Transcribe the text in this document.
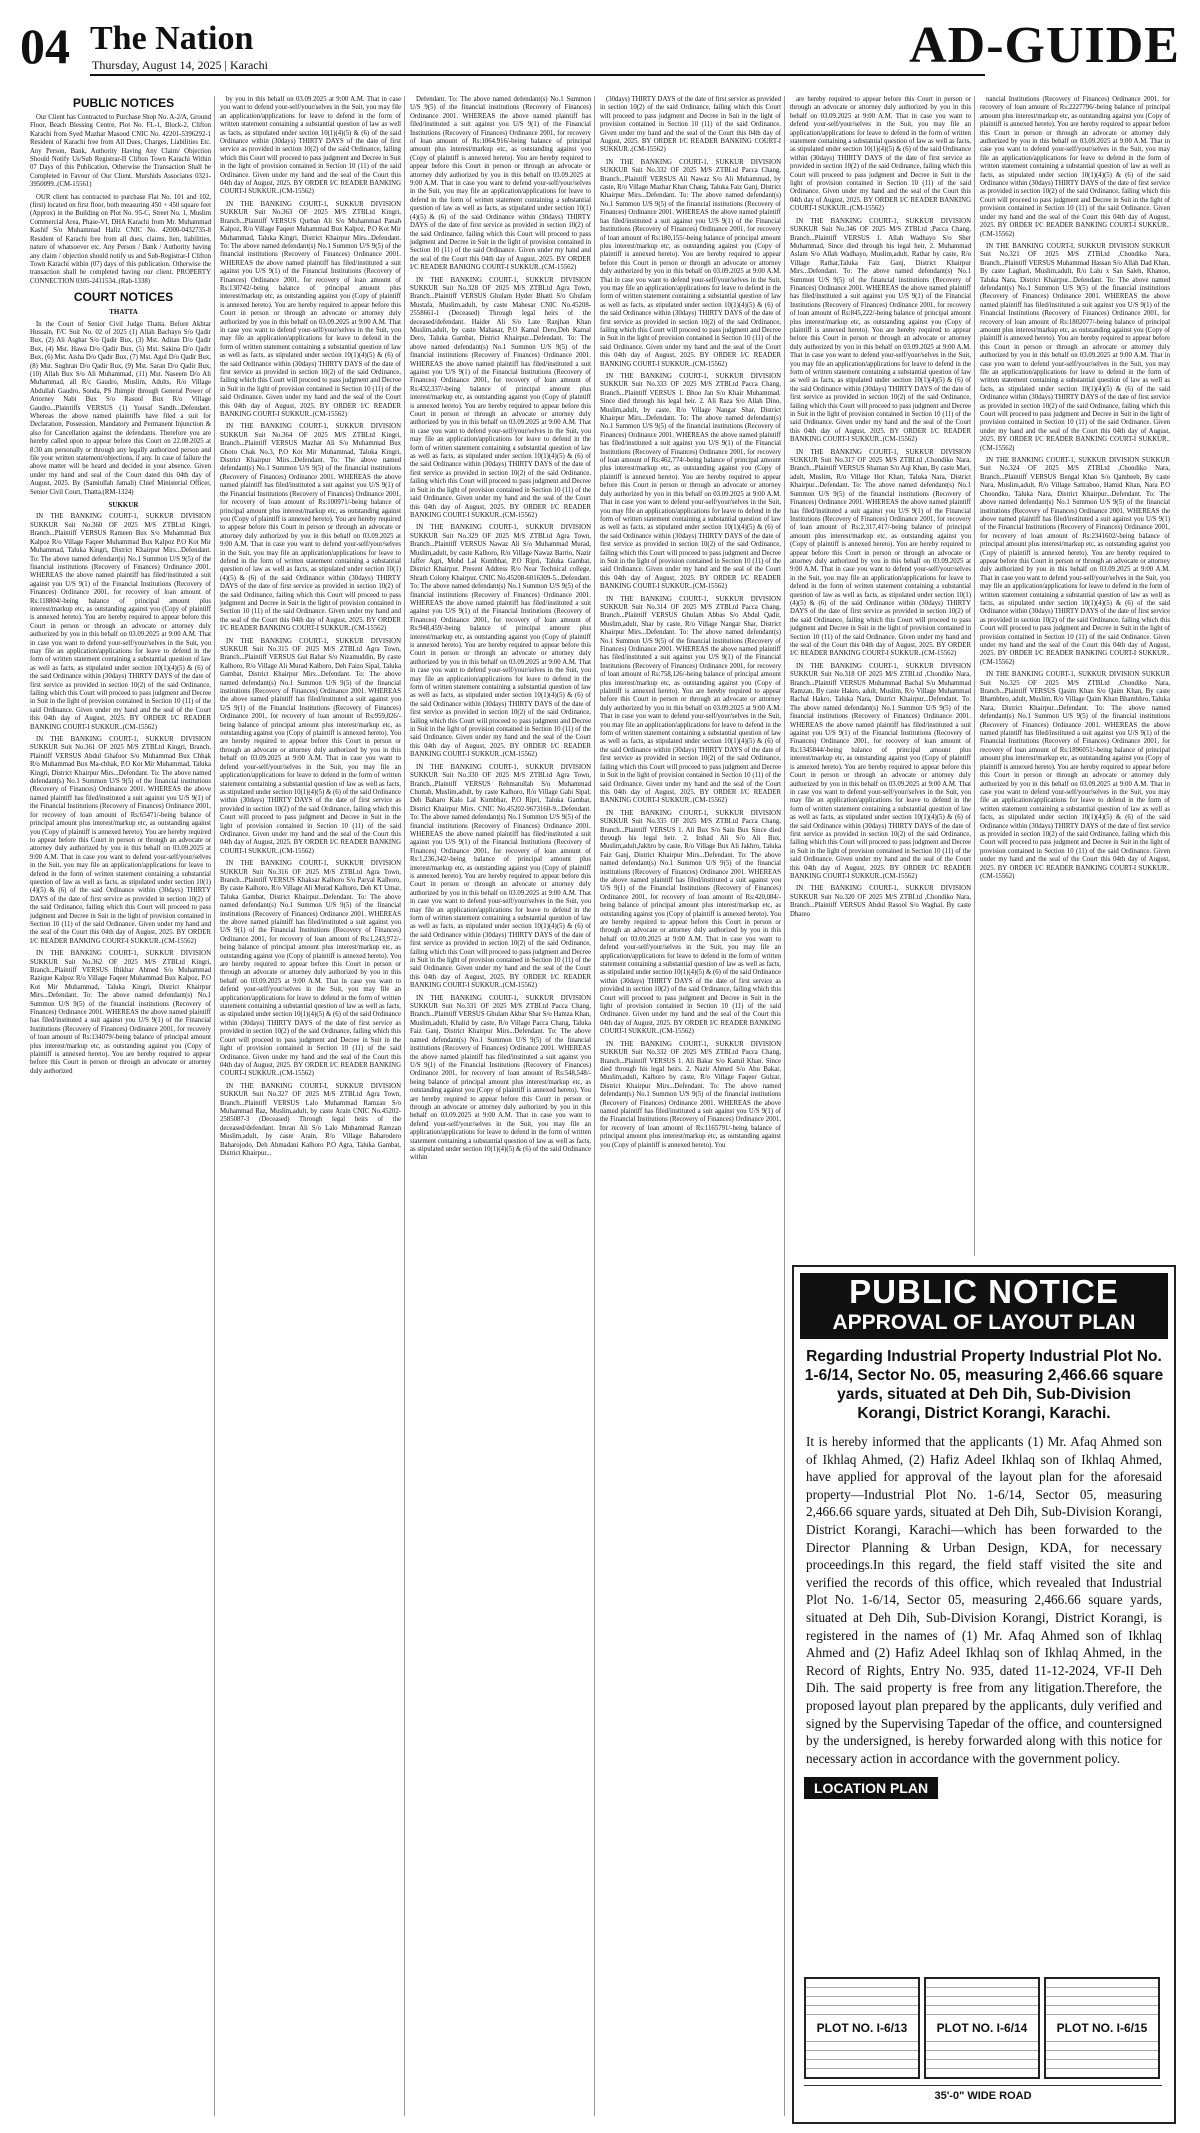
04 The Nation
Thursday, August 14, 2025 | Karachi	AD-GUIDE

PUBLIC NOTICES

Our Client has Contracted to Purchase Shop No. A-2/A, Ground Floor, Beach Blessing Centre, Plot No. FL-1, Block-2, Clifton Karachi from Syed Mazhar Masood CNIC No. 42201-5396292-1 Resident of Karachi free from All Dues, Charges, Liabilities Etc. Any Person, Bank, Authority Having Any Claim/ Objection Should Notify Us/Sub Registrar-II Clifton Town Karachi Within 07 Days of this Publication, Otherwise the Transaction Shall be Completed in Favour of Our Client. Murshids Associates 0321-3950099..(CM-15561)

OUR client has contracted to purchase Flat No. 101 and 102, (first) located on first floor, both measuring 450 + 450 square feet (Approx) in the Building on Plot No. 95-C, Street No. 1, Muslim Commercial Area, Phase-VI, DHA Karachi from Mr. Muhammad Kashif S/o Muhammad Hafiz CNIC No. 42000-0432735-8 Resident of Karachi free from all dues, claims, lien, liabilities, nature of whatsoever etc. Any Person / Bank / Authority having any claim / objection should notify us and Sub-Registrar-I Clifton Town Karachi within (07) days of this publication. Otherwise the transaction shall be completed having our client. PROPERTY CONNECTION 0305-2411534..(Rab-1338)

COURT NOTICES

THATTA

In the Court of Senior Civil Judge Thatta. Before Akhtar Hussain, F/C Suit No. 02 of 2025 (1) Allah Bachayo S/o Qadir Bux, (2) Ali Asghar S/o Qadir Bux, (3) Mst. Aditan D/o Qadir Bux, (4) Mst. Hawa D/o Qadir Bux, (5) Mst. Sakina D/o Qadir Bux, (6) Mst. Aisha D/o Qadir Bux, (7) Mst. Agul D/o Qadir Bux, (8) Mst. Sughran D/o Qadir Bux, (9) Mst. Saran D/o Qadir Bux, (10) Allah Bux S/o Ali Muhammad, (11) Mst. Naseem D/o Ali Muhammad, all R/c Gaudro, Muslim, Adults, R/o Village Abdullah Gaudro, Sonda, PS Jhimpir through General Power of Attorney Nabi Bux S/o Rasool Bux R/o Village Gaudro...Plaintiffs VERSUS (1) Yousaf Sandh...Defendant. Whereas the above named plaintiffs have filed a suit for Declaration, Possession, Mandatory and Permanent Injunction & also for Cancellation against the defendants. Therefore you are hereby called upon to appear before this Court on 22.08.2025 at 8:30 am personally or through any legally authorized person and file your written statement/objections, if any. In case of failure the above matter will be heard and decided in your absence. Given under my hand and seal of the Court dated this 04th day of August, 2025. By (Samiullah Jamali) Chief Ministerial Officer, Senior Civil Court, Thatta.(RM-1324)

SUKKUR

IN THE BANKING COURT-1, SUKKUR DIVISION SUKKUR Suit No.360 OF 2025 M/S ZTBLtd Kingri, Branch...Plaintiff VERSUS Rameen Bux S/o Muhammad Bux Kalpoz R/o Village Faqeer Muhammad Bux Kalpoz P.O Kot Mir Muhammad, Taluka Kingri, District Khairpur Mirs...Defendant. To: The above named defendant(s) No.1 Summon U/S 9(5) of the financial institutions (Recovery of Finances) Ordinance 2001. WHEREAS the above named plaintiff has filed/instituted a suit against you U/S 9(1) of the Financial Institutions (Recovery of Finances) Ordinance 2001, for recovery of loan amount of Rs:118804/-being balance of principal amount plus interest/markup etc, as outstanding against you (Copy of plaintiff is annexed hereto). You are hereby required to appear before this Court in person or through an advocate or attorney duly authorized by you in this behalf on 03.09.2025 at 9:00 A.M. That in case you want to defend your-self/your/selves in the Suit, you may file an application/applications for leave to defend in the form of written statement containing a substantial question of law as well as facts, as stipulated under section 10(1)(4)(5) & (6) of the said Ordinance within (30days) THIRTY DAYS of the date of first service as provided in section 10(2) of the said Ordinance, failing which this Court will proceed to pass judgment and Decree in Suit in the light of provision contained in Section 10 (11) of the said Ordinance. Given under my hand and the seal of the Court this 04th day of August, 2025. BY ORDER I/C READER BANKING COURT-I SUKKUR..(CM-15562)

IN THE BANKING COURT-1, SUKKUR DIVISION SUKKUR Suit No.361 OF 2025 M/S ZTBLtd Kingri, Branch, Plaintiff VERSUS Abdul Ghafoor S/o Muhammad Bux Chhak R/o Muhammad Bux Ma-chhak, P.O Kot Mir Muhammad, Taluka Kingri, District Khairpur Mirs...Defendant. To: The above named defendant(s) No.1 Summon U/S 9(5) of the financial institutions (Recovery of Finances) Ordinance 2001. WHEREAS the above named plaintiff has filed/instituted a suit against you U/S 9(1) of the Financial Institutions (Recovery of Finances) Ordinance 2001, for recovery of loan amount of Rs:65471/-being balance of principal amount plus interest/markup etc, as outstanding against you (Copy of plaintiff is annexed hereto). You are hereby required to appear before this Court in person or through an advocate or attorney duly authorized by you in this behalf on 03.09.2025 at 9:00 A.M. That in case you want to defend your-self/your/selves in the Suit, you may file an application/applications for leave to defend in the form of written statement containing a substantial question of law as well as facts, as stipulated under section 10(1)(4)(5) & (6) of the said Ordinance within (30days) THIRTY DAYS of the date of first service as provided in section 10(2) of the said Ordinance, failing which this Court will proceed to pass judgment and Decree in Suit in the light of provision contained in Section 10 (11) of the said Ordinance. Given under my hand and the seal of the Court this 04th day of August, 2025. BY ORDER I/C READER BANKING COURT-I SUKKUR..(CM-15562)

IN THE BANKING COURT-1, SUKKUR DIVISION SUKKUR Suit No.362 OF 2025 M/S ZTBLtd Kingri, Branch...Plaintiff VERSUS Iftikhar Ahmed S/o Muhammad Razique Kalpoz R/o Village Faqeer Muhammad Bux Kalpoz, P.O Kot Mir Muhammad, Taluka Kingri, District Khairpur Mirs...Defendant. To: The above named defendant(s) No.1 Summon U/S 9(5) of the financial institutions (Recovery of Finances) Ordinance 2001. WHEREAS the above named plaintiff has filed/instituted a suit against you U/S 9(1) of the Financial Institutions (Recovery of Finances) Ordinance 2001, for recovery of loan amount of Rs:134079/-being balance of principal amount plus interest/markup etc, as outstanding against you (Copy of plaintiff is annexed hereto). You are hereby required to appear before this Court in person or through an advocate or attorney duly authorized

by you in this behalf on 03.09.2025 at 9:00 A.M. That in case you want to defend your-self/your/selves in the Suit, you may file an application/applications for leave to defend in the form of written statement containing a substantial question of law as well as facts, as stipulated under section 10(1)(4)(5) & (6) of the said Ordinance within (30days) THIRTY DAYS of the date of first service as provided in section 10(2) of the said Ordinance, failing which this Court will proceed to pass judgment and Decree in Suit in the light of provision contained in Section 10 (11) of the said Ordinance. Given under my hand and the seal of the Court this 04th day of August, 2025. BY ORDER I/C READER BANKING COURT-I SUKKUR..(CM-15562)

IN THE BANKING COURT-1, SUKKUR DIVISION SUKKUR Suit No.363 OF 2025 M/S ZTBLtd Kingri, Branch...Plaintiff VERSUS Qurban Ali S/o Muhammad Panah Kalpoz, R/o Village Faqeer Muhammad Bux Kalpoz, P.O Kot Mir Muhammad, Taluka Kingri, District Khairpur Mirs...Defendant. To: The above named defendant(s) No.1 Summon U/S 9(5) of the financial institutions (Recovery of Finances) Ordinance 2001. WHEREAS the above named plaintiff has filed/instituted a suit against you U/S 9(1) of the Financial Institutions (Recovery of Finances) Ordinance 2001, for recovery of loan amount of Rs:130742/-being balance of principal amount plus interest/markup etc, as outstanding against you (Copy of plaintiff is annexed hereto). You are hereby required to appear before this Court in person or through an advocate or attorney duly authorized by you in this behalf on 03.09.2025 at 9:00 A.M. That in case you want to defend your-self/your/selves in the Suit, you may file an application/applications for leave to defend in the form of written statement containing a substantial question of law as well as facts, as stipulated under section 10(1)(4)(5) & (6) of the said Ordinance within (30days) THIRTY DAYS of the date of first service as provided in section 10(2) of the said Ordinance, failing which this Court will proceed to pass judgment and Decree in Suit in the light of provision contained in Section 10 (11) of the said Ordinance. Given under my hand and the seal of the Court this 04th day of August, 2025. BY ORDER I/C READER BANKING COURT-I SUKKUR..(CM-15562)

IN THE BANKING COURT-1, SUKKUR DIVISION SUKKUR Suit No.364 OF 2025 M/S ZTBLtd Kingri, Branch...Plaintiff VERSUS Mazhar Ali S/o Muhammad Bux Ghoto Chak No.3, P.O Kot Mir Muhammad, Taluka Kingri, District Khairpur Mirs...Defendant. To: The above named defendant(s) No.1 Summon U/S 9(5) of the financial institutions (Recovery of Finances) Ordinance 2001. WHEREAS the above named plaintiff has filed/instituted a suit against you U/S 9(1) of the Financial Institutions (Recovery of Finances) Ordinance 2001, for recovery of loan amount of Rs:100971/-being balance of principal amount plus interest/markup etc, as outstanding against you (Copy of plaintiff is annexed hereto). You are hereby required to appear before this Court in person or through an advocate or attorney duly authorized by you in this behalf on 03.09.2025 at 9:00 A.M. That in case you want to defend your-self/your/selves in the Suit, you may file an application/applications for leave to defend in the form of written statement containing a substantial question of law as well as facts, as stipulated under section 10(1)(4)(5) & (6) of the said Ordinance within (30days) THIRTY DAYS of the date of first service as provided in section 10(2) of the said Ordinance, failing which this Court will proceed to pass judgment and Decree in Suit in the light of provision contained in Section 10 (11) of the said Ordinance. Given under my hand and the seal of the Court this 04th day of August, 2025. BY ORDER I/C READER BANKING COURT-I SUKKUR..(CM-15562)

IN THE BANKING COURT-1, SUKKUR DIVISION SUKKUR Suit No.315 OF 2025 M/S ZTBLtd Agra Town, Branch...Plaintiff VERSUS Gul Bahar S/o Nizamuddin, By caste Kalhoro, R/o Village Ali Murad Kalhoro, Deh Faizo Sipal, Taluka Gambat, District Khairpur Mirs...Defendant. To: The above named defendant(s) No.1 Summon U/S 9(5) of the financial institutions (Recovery of Finances) Ordinance 2001. WHEREAS the above named plaintiff has filed/instituted a suit against you U/S 9(1) of the Financial Institutions (Recovery of Finances) Ordinance 2001, for recovery of loan amount of Rs:959,826/-being balance of principal amount plus interest/markup etc, as outstanding against you (Copy of plaintiff is annexed hereto). You are hereby required to appear before this Court in person or through an advocate or attorney duly authorized by you in this behalf on 03.09.2025 at 9:00 A.M. That in case you want to defend your-self/your/selves in the Suit, you may file an application/applications for leave to defend in the form of written statement containing a substantial question of law as well as facts, as stipulated under section 10(1)(4)(5) & (6) of the said Ordinance within (30days) THIRTY DAYS of the date of first service as provided in section 10(2) of the said Ordinance, failing which this Court will proceed to pass judgment and Decree in Suit in the light of provision contained in Section 10 (11) of the said Ordinance. Given under my hand and the seal of the Court this 04th day of August, 2025. BY ORDER I/C READER BANKING COURT-I SUKKUR..(CM-15562)

IN THE BANKING COURT-1, SUKKUR DIVISION SUKKUR Suit No.316 OF 2025 M/S ZTBLtd Agra Town, Branch...Plaintiff VERSUS Khaksar Kalhoro S/o Paryal Kalhoro, By caste Kalhoro, R/o Village Ali Murad Kalhoro, Deh KT Umar, Taluka Gambat, District Khairpur...Defendant. To: The above named defendant(s) No.1 Summon U/S 9(5) of the financial institutions (Recovery of Finances) Ordinance 2001. WHEREAS the above named plaintiff has filed/instituted a suit against you U/S 9(1) of the Financial Institutions (Recovery of Finances) Ordinance 2001, for recovery of loan amount of Rs:1,243,972/-being balance of principal amount plus interest/markup etc, as outstanding against you (Copy of plaintiff is annexed hereto). You are hereby required to appear before this Court in person or through an advocate or attorney duly authorized by you in this behalf on 03.09.2025 at 9:00 A.M. That in case you want to defend your-self/your/selves in the Suit, you may file an application/applications for leave to defend in the form of written statement containing a substantial question of law as well as facts, as stipulated under section 10(1)(4)(5) & (6) of the said Ordinance within (30days) THIRTY DAYS of the date of first service as provided in section 10(2) of the said Ordinance, failing which this Court will proceed to pass judgment and Decree in Suit in the light of provision contained in Section 10 (11) of the said Ordinance. Given under my hand and the seal of the Court this 04th day of August, 2025. BY ORDER I/C READER BANKING COURT-I SUKKUR..(CM-15562)

IN THE BANKING COURT-I, SUKKUR DIVISION SUKKUR Suit No.327 OF 2025 M/S ZTBLtd Agra Town, Branch...Plaintiff VERSUS Lalo Muhammad Ramzan S/o Muhammad Raz, Muslim,adult, by caste Arain CNIC No.45202-2585087-3 (Deceased) Through legal heirs of the deceased/defendant. Imran Ali S/o Lalo Muhammad Ramzan Muslim,adult, by caste Arain, R/o Village Baharodero Baharojodo, Deh Ahmadani Kalhoro P.O Agra, Taluka Gambat, District Khairpur...

Defendant. To: The above named defendant(s) No.1 Summon U/S 9(5) of the financial institutions (Recovery of Finances) Ordinance 2001. WHEREAS the above named plaintiff has filed/instituted a suit against you U/S 9(1) of the Financial Institutions (Recovery of Finances) Ordinance 2001, for recovery of loan amount of Rs:1064.916/-being balance of principal amount plus interest/markup etc, as outstanding against you (Copy of plaintiff is annexed hereto). You are hereby required to appear before this Court in person or through an advocate or attorney duly authorized by you in this behalf on 03.09.2025 at 9:00 A.M. That in case you want to defend your-self/your/selves in the Suit, you may file an application/applications for leave to defend in the form of written statement containing a substantial question of law as well as facts, as stipulated under section 10(1)(4)(5) & (6) of the said Ordinance within (30days) THIRTY DAYS of the date of first service as provided in section 10(2) of the said Ordinance, failing which this Court will proceed to pass judgment and Decree in Suit in the light of provision contained in Section 10 (11) of the said Ordinance. Given under my hand and the seal of the Court this 04th day of August, 2025. BY ORDER I/C READER BANKING COURT-I SUKKUR..(CM-15562)

IN THE BANKING COURT-1, SUKKUR DIVISION SUKKUR Suit No.328 OF 2025 M/S ZTBLtd Agra Town, Branch...Plaintiff VERSUS Ghulam Hyder Bhatti S/o Ghulam Mustafa, Muslim,adult, by caste Mahesar CNIC No.45208-2558661-1 (Deceased) Through legal heirs of the deceased/defendant. Haider Ali S/o Late Ranjhan Khan Muslim,adult, by caste Mahasar, P.O Kamal Dero,Deh Kamal Dero, Taluka Gambat, District Khairpur...Defendant. To: The above named defendant(s) No.1 Summon U/S 9(5) of the financial institutions (Recovery of Finances) Ordinance 2001. WHEREAS the above named plaintiff has filed/instituted a suit against you U/S 9(1) of the Financial Institutions (Recovery of Finances) Ordinance 2001, for recovery of loan amount of Rs:432,337/-being balance of principal amount plus interest/markup etc, as outstanding against you (Copy of plaintiff is annexed hereto). You are hereby required to appear before this Court in person or through an advocate or attorney duly authorized by you in this behalf on 03.09.2025 at 9:00 A.M. That in case you want to defend your-self/your/selves in the Suit, you may file an application/applications for leave to defend in the form of written statement containing a substantial question of law as well as facts, as stipulated under section 10(1)(4)(5) & (6) of the said Ordinance within (30days) THIRTY DAYS of the date of first service as provided in section 10(2) of the said Ordinance, failing which this Court will proceed to pass judgment and Decree in Suit in the light of provision contained in Section 10 (11) of the said Ordinance. Given under my hand and the seal of the Court this 04th day of August, 2025. BY ORDER I/C READER BANKING COURT-I SUKKUR..(CM-15562)

IN THE BANKING COURT-1, SUKKUR DIVISION SUKKUR Suit No.329 OF 2025 M/S ZTBLtd Agra Town, Branch...Plaintiff VERSUS Nawaz Ali S/o Muhammad Murad, Muslim,adult, by caste Kalhoro, R/o Village Nawaz Barrio, Nazir Jaffer Agri, Mohd Lal Kumbhar, P.O Ripri, Taluka Gambat, District Khairpur. Present Address R/o Near Technical college, Shrath Colony Khairpur. CNIC No.45208-6016309-5...Defendant. To: The above named defendant(s) No.1 Summon U/S 9(5) of the financial institutions (Recovery of Finances) Ordinance 2001. WHEREAS the above named plaintiff has filed/instituted a suit against you U/S 9(1) of the Financial Institutions (Recovery of Finances) Ordinance 2001, for recovery of loan amount of Rs:948,459/-being balance of principal amount plus interest/markup etc, as outstanding against you (Copy of plaintiff is annexed hereto). You are hereby required to appear before this Court in person or through an advocate or attorney duly authorized by you in this behalf on 03.09.2025 at 9:00 A.M. That in case you want to defend your-self/your/selves in the Suit, you may file an application/applications for leave to defend in the form of written statement containing a substantial question of law as well as facts, as stipulated under section 10(1)(4)(5) & (6) of the said Ordinance within (30days) THIRTY DAYS of the date of first service as provided in section 10(2) of the said Ordinance, failing which this Court will proceed to pass judgment and Decree in Suit in the light of provision contained in Section 10 (11) of the said Ordinance. Given under my hand and the seal of the Court this 04th day of August, 2025. BY ORDER I/C READER BANKING COURT-I SUKKUR..(CM-15562)

IN THE BANKING COURT-1, SUKKUR DIVISION SUKKUR Suit No.330 OF 2025 M/S ZTBLtd Agra Town, Branch...Plaintiff VERSUS Rehmatullah S/o Muhammad Chuttah, Muslim,adult, by caste Kalhoro, R/o Village Gahi Sipal, Deh Baharo Kalo Lal Kumbhar, P.O Ripri, Taluka Gambat, District Khairpur Mirs. CNIC No.45202-9673160-9...Defendant. To: The above named defendant(s) No.1 Summon U/S 9(5) of the financial institutions (Recovery of Finances) Ordinance 2001. WHEREAS the above named plaintiff has filed/instituted a suit against you U/S 9(1) of the Financial Institutions (Recovery of Finances) Ordinance 2001, for recovery of loan amount of Rs:1,236,342/-being balance of principal amount plus interest/markup etc, as outstanding against you (Copy of plaintiff is annexed hereto). You are hereby required to appear before this Court in person or through an advocate or attorney duly authorized by you in this behalf on 03.09.2025 at 9:00 A.M. That in case you want to defend your-self/your/selves in the Suit, you may file an application/applications for leave to defend in the form of written statement containing a substantial question of law as well as facts, as stipulated under section 10(1)(4)(5) & (6) of the said Ordinance within (30days) THIRTY DAYS of the date of first service as provided in section 10(2) of the said Ordinance, failing which this Court will proceed to pass judgment and Decree in Suit in the light of provision contained in Section 10 (11) of the said Ordinance. Given under my hand and the seal of the Court this 04th day of August, 2025. BY ORDER I/C READER BANKING COURT-I SUKKUR..(CM-15562)

IN THE BANKING COURT-1, SUKKUR DIVISION SUKKUR Suit No.331 OF 2025 M/S ZTBLtd Pacca Chang, Branch...Plaintiff VERSUS Ghulam Akbar Shar S/o Hamza Khan, Muslim,adult, Khalid by caste, R/o Village Pacca Chang, Taluka Faiz Ganj, District Khairpur Mirs...Defendant. To: The above named defendant(s) No.1 Summon U/S 9(5) of the financial institutions (Recovery of Finances) Ordinance 2001. WHEREAS the above named plaintiff has filed/instituted a suit against you U/S 9(1) of the Financial Institutions (Recovery of Finances) Ordinance 2001, for recovery of loan amount of Rs:548,548/-being balance of principal amount plus interest/markup etc, as outstanding against you (Copy of plaintiff is annexed hereto). You are hereby required to appear before this Court in person or through an advocate or attorney duly authorized by you in this behalf on 03.09.2025 at 9:00 A.M. That in case you want to defend your-self/your/selves in the Suit, you may file an application/applications for leave to defend in the form of written statement containing a substantial question of law as well as facts, as stipulated under section 10(1)(4)(5) & (6) of the said Ordinance within

(30days) THIRTY DAYS of the date of first service as provided in section 10(2) of the said Ordinance, failing which this Court will proceed to pass judgment and Decree in Suit in the light of provision contained in Section 10 (11) of the said Ordinance. Given under my hand and the seal of the Court this 04th day of August, 2025. BY ORDER I/C READER BANKING COURT-I SUKKUR..(CM-15562)

IN THE BANKING COURT-1, SUKKUR DIVISION SUKKUR Suit No.332 OF 2025 M/S ZTBLtd Pacca Chang, Branch...Plaintiff VERSUS Ali Nawaz S/o Ali Muhammad, by caste, R/o Village Mazhar Khan Chang, Taluka Faiz Ganj, District Khairpur Mirs...Defendant. To: The above named defendant(s) No.1 Summon U/S 9(5) of the financial institutions (Recovery of Finances) Ordinance 2001. WHEREAS the above named plaintiff has filed/instituted a suit against you U/S 9(1) of the Financial Institutions (Recovery of Finances) Ordinance 2001, for recovery of loan amount of Rs:180,155/-being balance of principal amount plus interest/markup etc, as outstanding against you (Copy of plaintiff is annexed hereto). You are hereby required to appear before this Court in person or through an advocate or attorney duly authorized by you in this behalf on 03.09.2025 at 9:00 A.M. That in case you want to defend your-self/your/selves in the Suit, you may file an application/applications for leave to defend in the form of written statement containing a substantial question of law as well as facts, as stipulated under section 10(1)(4)(5) & (6) of the said Ordinance within (30days) THIRTY DAYS of the date of first service as provided in section 10(2) of the said Ordinance, failing which this Court will proceed to pass judgment and Decree in Suit in the light of provision contained in Section 10 (11) of the said Ordinance. Given under my hand and the seal of the Court this 04th day of August, 2025. BY ORDER I/C READER BANKING COURT-I SUKKUR..(CM-15562)

IN THE BANKING COURT-1, SUKKUR DIVISION SUKKUR Suit No.333 OF 2025 M/S ZTBLtd Pacca Chang, Branch...Plaintiff VERSUS 1. Bhoo Jan S/o Khair Muhammad. Since died through his legal heir. 2. Ali Raza S/o Allah Dino, Muslim,adult, by caste, R/o Village Nangar Shar, District Khairpur Mirs...Defendant. To: The above named defendant(s) No.1 Summon U/S 9(5) of the financial institutions (Recovery of Finances) Ordinance 2001. WHEREAS the above named plaintiff has filed/instituted a suit against you U/S 9(1) of the Financial Institutions (Recovery of Finances) Ordinance 2001, for recovery of loan amount of Rs:462,774/-being balance of principal amount plus interest/markup etc, as outstanding against you (Copy of plaintiff is annexed hereto). You are hereby required to appear before this Court in person or through an advocate or attorney duly authorized by you in this behalf on 03.09.2025 at 9:00 A.M. That in case you want to defend your-self/your/selves in the Suit, you may file an application/applications for leave to defend in the form of written statement containing a substantial question of law as well as facts, as stipulated under section 10(1)(4)(5) & (6) of the said Ordinance within (30days) THIRTY DAYS of the date of first service as provided in section 10(2) of the said Ordinance, failing which this Court will proceed to pass judgment and Decree in Suit in the light of provision contained in Section 10 (11) of the said Ordinance. Given under my hand and the seal of the Court this 04th day of August, 2025. BY ORDER I/C READER BANKING COURT-I SUKKUR..(CM-15562)

IN THE BANKING COURT-1, SUKKUR DIVISION SUKKUR Suit No.314 OF 2025 M/S ZTBLtd Pacca Chang, Branch...Plaintiff VERSUS Ghulam Abbas S/o Abdul Qadir, Muslim,adult, Shar by caste, R/o Village Nangar Shar, District Khairpur Mirs...Defendant. To: The above named defendant(s) No.1 Summon U/S 9(5) of the financial institutions (Recovery of Finances) Ordinance 2001. WHEREAS the above named plaintiff has filed/instituted a suit against you U/S 9(1) of the Financial Institutions (Recovery of Finances) Ordinance 2001, for recovery of loan amount of Rs:758,126/-being balance of principal amount plus interest/markup etc, as outstanding against you (Copy of plaintiff is annexed hereto). You are hereby required to appear before this Court in person or through an advocate or attorney duly authorized by you in this behalf on 03.09.2025 at 9:00 A.M. That in case you want to defend your-self/your/selves in the Suit, you may file an application/applications for leave to defend in the form of written statement containing a substantial question of law as well as facts, as stipulated under section 10(1)(4)(5) & (6) of the said Ordinance within (30days) THIRTY DAYS of the date of first service as provided in section 10(2) of the said Ordinance, failing which this Court will proceed to pass judgment and Decree in Suit in the light of provision contained in Section 10 (11) of the said Ordinance. Given under my hand and the seal of the Court this 04th day of August, 2025. BY ORDER I/C READER BANKING COURT-I SUKKUR..(CM-15562)

IN THE BANKING COURT-1, SUKKUR DIVISION SUKKUR Suit No.335 OF 2025 M/S ZTBLtd Pacca Chang, Branch...Plaintiff VERSUS 1. Ali Bux S/o Sain Bux Since died through his legal heir. 2. Irshad Ali S/o Ali Bux, Muslim,adult,Jakhro by caste, R/o Village Bux Ali Jakhro, Taluka Faiz Ganj, District Khairpur Mirs...Defendant. To: The above named defendant(s) No.1 Summon U/S 9(5) of the financial institutions (Recovery of Finances) Ordinance 2001. WHEREAS the above named plaintiff has filed/instituted a suit against you U/S 9(1) of the Financial Institutions (Recovery of Finances) Ordinance 2001, for recovery of loan amount of Rs:420,084/-being balance of principal amount plus interest/markup etc, as outstanding against you (Copy of plaintiff is annexed hereto). You are hereby required to appear before this Court in person or through an advocate or attorney duly authorized by you in this behalf on 03.09.2025 at 9:00 A.M. That in case you want to defend your-self/your/selves in the Suit, you may file an application/applications for leave to defend in the form of written statement containing a substantial question of law as well as facts, as stipulated under section 10(1)(4)(5) & (6) of the said Ordinance within (30days) THIRTY DAYS of the date of first service as provided in section 10(2) of the said Ordinance, failing which this Court will proceed to pass judgment and Decree in Suit in the light of provision contained in Section 10 (11) of the said Ordinance. Given under my hand and the seal of the Court this 04th day of August, 2025. BY ORDER I/C READER BANKING COURT-I SUKKUR..(CM-15562)

IN THE BANKING COURT-1, SUKKUR DIVISION SUKKUR Suit No.332 OF 2025 M/S ZTBLtd Pacca Chang, Branch...Plaintiff VERSUS 1. Ali Bakar S/o Kamil Khan. Since died through his legal heirs. 2. Nazir Ahmed S/o Abu Bakar, Muslim,adult, Kalhoro by caste, R/o Village Faqeer Gulzar, District Khairpur Mirs...Defendant. To: The above named defendant(s) No.1 Summon U/S 9(5) of the financial institutions (Recovery of Finances) Ordinance 2001. WHEREAS the above named plaintiff has filed/instituted a suit against you U/S 9(1) of the Financial Institutions (Recovery of Finances) Ordinance 2001, for recovery of loan amount of Rs:1165791/-being balance of principal amount plus interest/markup etc, as outstanding against you (Copy of plaintiff is annexed hereto). You

are hereby required to appear before this Court in person or through an advocate or attorney duly authorized by you in this behalf on 03.09.2025 at 9:00 A.M. That in case you want to defend your-self/your/selves in the Suit, you may file an application/applications for leave to defend in the form of written statement containing a substantial question of law as well as facts, as stipulated under section 10(1)(4)(5) & (6) of the said Ordinance within (30days) THIRTY DAYS of the date of first service as provided in section 10(2) of the said Ordinance, failing which this Court will proceed to pass judgment and Decree in Suit in the light of provision contained in Section 10 (11) of the said Ordinance. Given under my hand and the seal of the Court this 04th day of August, 2025. BY ORDER I/C READER BANKING COURT-I SUKKUR..(CM-15562)

IN THE BANKING COURT-1, SUKKUR DIVISION SUKKUR Suit No.346 OF 2025 M/S ZTBLtd ,Pacca Chang, Branch...Plaintiff VERSUS 1. Allah Wadhayo S/o Sher Muhammad, Since died through his legal heir, 2. Muhammad Aslam S/o Allah Wadhayo, Muslim,adult, Rathar by caste, R/o Village Rathar,Taluka Faiz Ganj, District Khairpur Mirs...Defendant. To: The above named defendant(s) No.1 Summon U/S 9(5) of the financial institutions (Recovery of Finances) Ordinance 2001. WHEREAS the above named plaintiff has filed/instituted a suit against you U/S 9(1) of the Financial Institutions (Recovery of Finances) Ordinance 2001, for recovery of loan amount of Rs:845,222/-being balance of principal amount plus interest/markup etc, as outstanding against you (Copy of plaintiff is annexed hereto). You are hereby required to appear before this Court in person or through an advocate or attorney duly authorized by you in this behalf on 03.09.2025 at 9:00 A.M. That in case you want to defend your-self/your/selves in the Suit, you may file an application/applications for leave to defend in the form of written statement containing a substantial question of law as well as facts, as stipulated under section 10(1)(4)(5) & (6) of the said Ordinance within (30days) THIRTY DAYS of the date of first service as provided in section 10(2) of the said Ordinance, failing which this Court will proceed to pass judgment and Decree in Suit in the light of provision contained in Section 10 (11) of the said Ordinance. Given under my hand and the seal of the Court this 04th day of August, 2025. BY ORDER I/C READER BANKING COURT-I SUKKUR..(CM-15562)

IN THE BANKING COURT-1, SUKKUR DIVISION SUKKUR Suit No.317 OF 2025 M/S ZTBLtd ,Chondiko Nara, Branch...Plaintiff VERSUS Shaman S/o Aqi Khan, By caste Mari, adult, Muslim, R/o Village Hot Khan, Taluka Nara, District Khairpur...Defendant. To: The above named defendant(s) No.1 Summon U/S 9(5) of the financial institutions (Recovery of Finances) Ordinance 2001. WHEREAS the above named plaintiff has filed/instituted a suit against you U/S 9(1) of the Financial Institutions (Recovery of Finances) Ordinance 2001, for recovery of loan amount of Rs:2,317,417/-being balance of principal amount plus interest/markup etc, as outstanding against you (Copy of plaintiff is annexed hereto). You are hereby required to appear before this Court in person or through an advocate or attorney duly authorized by you in this behalf on 03.09.2025 at 9:00 A.M. That in case you want to defend your-self/your/selves in the Suit, you may file an application/applications for leave to defend in the form of written statement containing a substantial question of law as well as facts, as stipulated under section 10(1)(4)(5) & (6) of the said Ordinance within (30days) THIRTY DAYS of the date of first service as provided in section 10(2) of the said Ordinance, failing which this Court will proceed to pass judgment and Decree in Suit in the light of provision contained in Section 10 (11) of the said Ordinance. Given under my hand and the seal of the Court this 04th day of August, 2025. BY ORDER I/C READER BANKING COURT-I SUKKUR..(CM-15562)

IN THE BANKING COURT-1, SUKKUR DIVISION SUKKUR Suit No.318 OF 2025 M/S ZTBLtd ,Chondiko Nara, Branch...Plaintiff VERSUS Muhammad Bachal S/o Muhammad Ramzan, By caste Hakro, adult, Muslim, R/o Village Muhammad Bachal Hakro, Taluka Nara, District Khairpur...Defendant. To: The above named defendant(s) No.1 Summon U/S 9(5) of the financial institutions (Recovery of Finances) Ordinance 2001. WHEREAS the above named plaintiff has filed/instituted a suit against you U/S 9(1) of the Financial Institutions (Recovery of Finances) Ordinance 2001, for recovery of loan amount of Rs:1345844/-being balance of principal amount plus interest/markup etc, as outstanding against you (Copy of plaintiff is annexed hereto). You are hereby required to appear before this Court in person or through an advocate or attorney duly authorized by you in this behalf on 03.09.2025 at 9:00 A.M. That in case you want to defend your-self/your/selves in the Suit, you may file an application/applications for leave to defend in the form of written statement containing a substantial question of law as well as facts, as stipulated under section 10(1)(4)(5) & (6) of the said Ordinance within (30days) THIRTY DAYS of the date of first service as provided in section 10(2) of the said Ordinance, failing which this Court will proceed to pass judgment and Decree in Suit in the light of provision contained in Section 10 (11) of the said Ordinance. Given under my hand and the seal of the Court this 04th day of August, 2025. BY ORDER I/C READER BANKING COURT-I SUKKUR..(CM-15562)

IN THE BANKING COURT-1, SUKKUR DIVISION SUKKUR Suit No.320 OF 2025 M/S ZTBLtd ,Chondiko Nara, Branch...Plaintiff VERSUS Abdul Rasool S/o Waghal, By caste Dhareo

nancial Institutions (Recovery of Finances) Ordinance 2001, for recovery of loan amount of Rs:2227796/-being balance of principal amount plus interest/markup etc, as outstanding against you (Copy of plaintiff is annexed hereto). You are hereby required to appear before this Court in person or through an advocate or attorney duly authorized by you in this behalf on 03.09.2025 at 9:00 A.M. That in case you want to defend your-self/your/selves in the Suit, you may file an application/applications for leave to defend in the form of written statement containing a substantial question of law as well as facts, as stipulated under section 10(1)(4)(5) & (6) of the said Ordinance within (30days) THIRTY DAYS of the date of first service as provided in section 10(2) of the said Ordinance, failing which this Court will proceed to pass judgment and Decree in Suit in the light of provision contained in Section 10 (11) of the said Ordinance. Given under my hand and the seal of the Court this 04th day of August, 2025. BY ORDER I/C READER BANKING COURT-I SUKKUR..(CM-15562)

IN THE BANKING COURT-I, SUKKUR DIVISION SUKKUR Suit No.321 OF 2025 M/S ZTBLtd ,Chondiko Nara, Branch...Plaintiff VERSUS Muhammad Hassan S/o Allah Dad Khan, By caste Laghari, Muslim,adult, R/o Lalu x San Saleh, Khanoo, Taluka Nara, District Khairpur...Defendant. To: The above named defendant(s) No.1 Summon U/S 9(5) of the financial institutions (Recovery of Finances) Ordinance 2001. WHEREAS the above named plaintiff has filed/instituted a suit against you U/S 9(1) of the Financial Institutions (Recovery of Finances) Ordinance 2001, for recovery of loan amount of Rs:1802077/-being balance of principal amount plus interest/markup etc, as outstanding against you (Copy of plaintiff is annexed hereto). You are hereby required to appear before this Court in person or through an advocate or attorney duly authorized by you in this behalf on 03.09.2025 at 9:00 A.M. That in case you want to defend your-self/your/selves in the Suit, you may file an application/applications for leave to defend in the form of written statement containing a substantial question of law as well as facts, as stipulated under section 10(1)(4)(5) & (6) of the said Ordinance within (30days) THIRTY DAYS of the date of first service as provided in section 10(2) of the said Ordinance, failing which this Court will proceed to pass judgment and Decree in Suit in the light of provision contained in Section 10 (11) of the said Ordinance. Given under my hand and the seal of the Court this 04th day of August, 2025. BY ORDER I/C READER BANKING COURT-I SUKKUR..(CM-15562)

IN THE BANKING COURT-1, SUKKUR DIVISION SUKKUR Suit No.324 OF 2025 M/S ZTBLtd ,Chondiko Nara, Branch...Plaintiff VERSUS Bengal Khan S/o Qambeeb, By caste Nara, Muslim,adult, R/o Village Sattraboo, Hamid Khan, Nara P.O Choondko, Taluka Nara, District Khairpur...Defendant. To: The above named defendant(s) No.1 Summon U/S 9(5) of the financial institutions (Recovery of Finances) Ordinance 2001. WHEREAS the above named plaintiff has filed/instituted a suit against you U/S 9(1) of the Financial Institutions (Recovery of Finances) Ordinance 2001, for recovery of loan amount of Rs:2341602/-being balance of principal amount plus interest/markup etc, as outstanding against you (Copy of plaintiff is annexed hereto). You are hereby required to appear before this Court in person or through an advocate or attorney duly authorized by you in this behalf on 03.09.2025 at 9:00 A.M. That in case you want to defend your-self/your/selves in the Suit, you may file an application/applications for leave to defend in the form of written statement containing a substantial question of law as well as facts, as stipulated under section 10(1)(4)(5) & (6) of the said Ordinance within (30days) THIRTY DAYS of the date of first service as provided in section 10(2) of the said Ordinance, failing which this Court will proceed to pass judgment and Decree in Suit in the light of provision contained in Section 10 (11) of the said Ordinance. Given under my hand and the seal of the Court this 04th day of August, 2025. BY ORDER I/C READER BANKING COURT-I SUKKUR..(CM-15562)

IN THE BANKING COURT-1, SUKKUR DIVISION SUKKUR Suit No.325 OF 2025 M/S ZTBLtd ,Chondiko Nara, Branch...Plaintiff VERSUS Qasim Khan S/o Qaim Khan, By caste Bhambhro, adult, Muslim, R/o Village Qaim Khan Bhambhro, Taluka Nara, District Khairpur...Defendant. To: The above named defendant(s) No.1 Summon U/S 9(5) of the financial institutions (Recovery of Finances) Ordinance 2001. WHEREAS the above named plaintiff has filed/instituted a suit against you U/S 9(1) of the Financial Institutions (Recovery of Finances) Ordinance 2001, for recovery of loan amount of Rs:1896051/-being balance of principal amount plus interest/markup etc, as outstanding against you (Copy of plaintiff is annexed hereto). You are hereby required to appear before this Court in person or through an advocate or attorney duly authorized by you in this behalf on 03.09.2025 at 9:00 A.M. That in case you want to defend your-self/your/selves in the Suit, you may file an application/applications for leave to defend in the form of written statement containing a substantial question of law as well as facts, as stipulated under section 10(1)(4)(5) & (6) of the said Ordinance within (30days) THIRTY DAYS of the date of first service as provided in section 10(2) of the said Ordinance, failing which this Court will proceed to pass judgment and Decree in Suit in the light of provision contained in Section 10 (11) of the said Ordinance. Given under my hand and the seal of the Court this 04th day of August, 2025. BY ORDER I/C READER BANKING COURT-I SUKKUR..(CM-15562)

PUBLIC NOTICE
APPROVAL OF LAYOUT PLAN
Regarding Industrial Property Industrial Plot No. 1-6/14, Sector No. 05, measuring 2,466.66 square yards, situated at Deh Dih, Sub-Division Korangi, District Korangi, Karachi.
It is hereby informed that the applicants (1) Mr. Afaq Ahmed son of Ikhlaq Ahmed, (2) Hafiz Adeel Ikhlaq son of Ikhlaq Ahmed, have applied for approval of the layout plan for the aforesaid property—Industrial Plot No. 1-6/14, Sector 05, measuring 2,466.66 square yards, situated at Deh Dih, Sub-Division Korangi, District Korangi, Karachi—which has been forwarded to the Director Planning & Urban Design, KDA, for necessary proceedings.In this regard, the field staff visited the site and verified the records of this office, which revealed that Industrial Plot No. 1-6/14, Sector 05, measuring 2,466.66 square yards, situated at Deh Dih, Sub-Division Korangi, District Korangi, is registered in the names of (1) Mr. Afaq Ahmed son of Ikhlaq Ahmed and (2) Hafiz Adeel Ikhlaq son of Ikhlaq Ahmed, in the Record of Rights, Entry No. 935, dated 11-12-2024, VF-II Deh Dih. The said property is free from any litigation.Therefore, the proposed layout plan prepared by the applicants, duly verified and signed by the Supervising Tapedar of the office, and countersigned by the undersigned, is hereby forwarded along with this notice for necessary action in accordance with the government policy.
LOCATION PLAN
PLOT NO. I-6/13	PLOT NO. I-6/14	PLOT NO. I-6/15
35'-0" WIDE ROAD
